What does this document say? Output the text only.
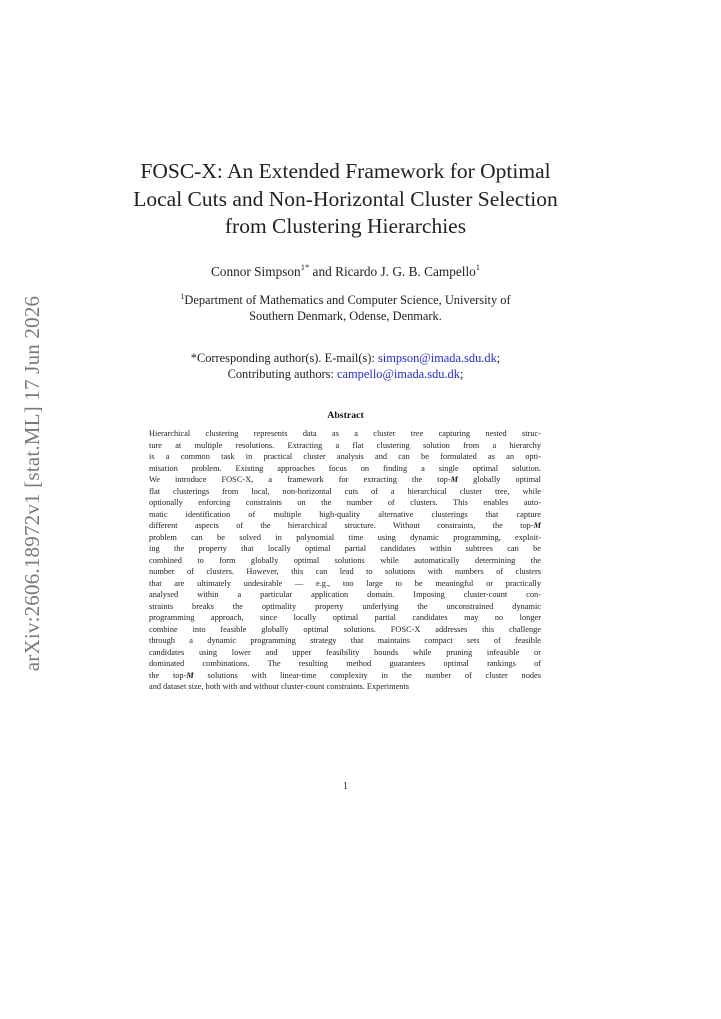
arXiv:2606.18972v1 [stat.ML] 17 Jun 2026
FOSC-X: An Extended Framework for Optimal
Local Cuts and Non-Horizontal Cluster Selection
from Clustering Hierarchies
Connor Simpson$^{1*}$ and Ricardo J. G. B. Campello$^1$
$^1$Department of Mathematics and Computer Science, University of
Southern Denmark, Odense, Denmark.
*Corresponding author(s). E-mail(s): simpson@imada.sdu.dk;
Contributing authors: campello@imada.sdu.dk;
Abstract
Hierarchical clustering represents data as a cluster tree capturing nested struc-
ture at multiple resolutions. Extracting a flat clustering solution from a hierarchy
is a common task in practical cluster analysis and can be formulated as an opti-
misation problem. Existing approaches focus on finding a single optimal solution.
We introduce FOSC-X, a framework for extracting the top-M globally optimal
flat clusterings from local, non-horizontal cuts of a hierarchical cluster tree, while
optionally enforcing constraints on the number of clusters. This enables auto-
matic identification of multiple high-quality alternative clusterings that capture
different aspects of the hierarchical structure. Without constraints, the top-M
problem can be solved in polynomial time using dynamic programming, exploit-
ing the property that locally optimal partial candidates within subtrees can be
combined to form globally optimal solutions while automatically determining the
number of clusters. However, this can lead to solutions with numbers of clusters
that are ultimately undesirable — e.g., too large to be meaningful or practically
analysed within a particular application domain. Imposing cluster-count con-
straints breaks the optimality property underlying the unconstrained dynamic
programming approach, since locally optimal partial candidates may no longer
combine into feasible globally optimal solutions. FOSC-X addresses this challenge
through a dynamic programming strategy that maintains compact sets of feasible
candidates using lower and upper feasibility bounds while pruning infeasible or
dominated combinations. The resulting method guarantees optimal rankings of
the top-M solutions with linear-time complexity in the number of cluster nodes
and dataset size, both with and without cluster-count constraints. Experiments
1
